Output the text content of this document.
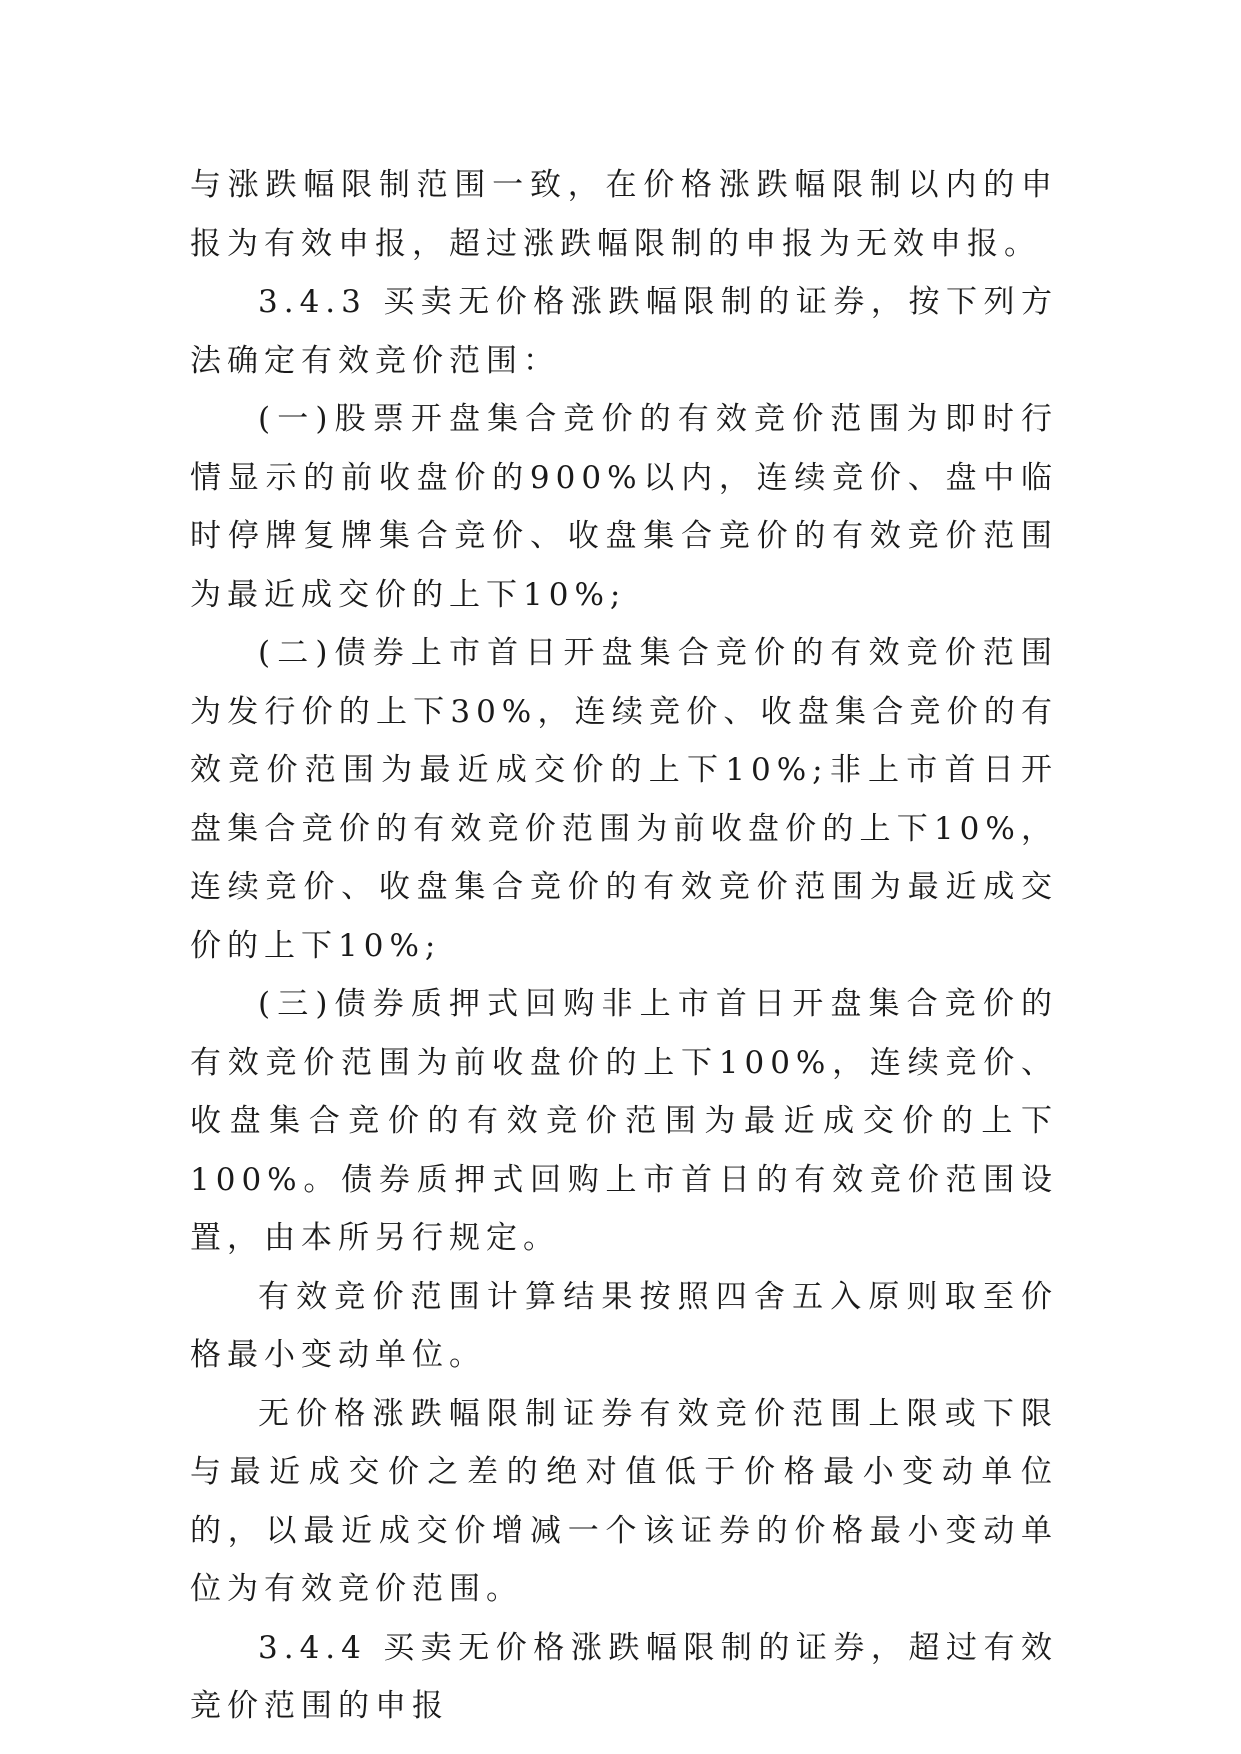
与涨跌幅限制范围一致，在价格涨跌幅限制以内的申报为有效申报，超过涨跌幅限制的申报为无效申报。

3.4.3 买卖无价格涨跌幅限制的证券，按下列方法确定有效竞价范围：

(一)股票开盘集合竞价的有效竞价范围为即时行情显示的前收盘价的900%以内，连续竞价、盘中临时停牌复牌集合竞价、收盘集合竞价的有效竞价范围为最近成交价的上下10%;

(二)债券上市首日开盘集合竞价的有效竞价范围为发行价的上下30%，连续竞价、收盘集合竞价的有效竞价范围为最近成交价的上下10%;非上市首日开盘集合竞价的有效竞价范围为前收盘价的上下10%，连续竞价、收盘集合竞价的有效竞价范围为最近成交价的上下10%;

(三)债券质押式回购非上市首日开盘集合竞价的有效竞价范围为前收盘价的上下100%，连续竞价、收盘集合竞价的有效竞价范围为最近成交价的上下100%。债券质押式回购上市首日的有效竞价范围设置，由本所另行规定。

有效竞价范围计算结果按照四舍五入原则取至价格最小变动单位。

无价格涨跌幅限制证券有效竞价范围上限或下限与最近成交价之差的绝对值低于价格最小变动单位的，以最近成交价增减一个该证券的价格最小变动单位为有效竞价范围。

3.4.4 买卖无价格涨跌幅限制的证券，超过有效竞价范围的申报
